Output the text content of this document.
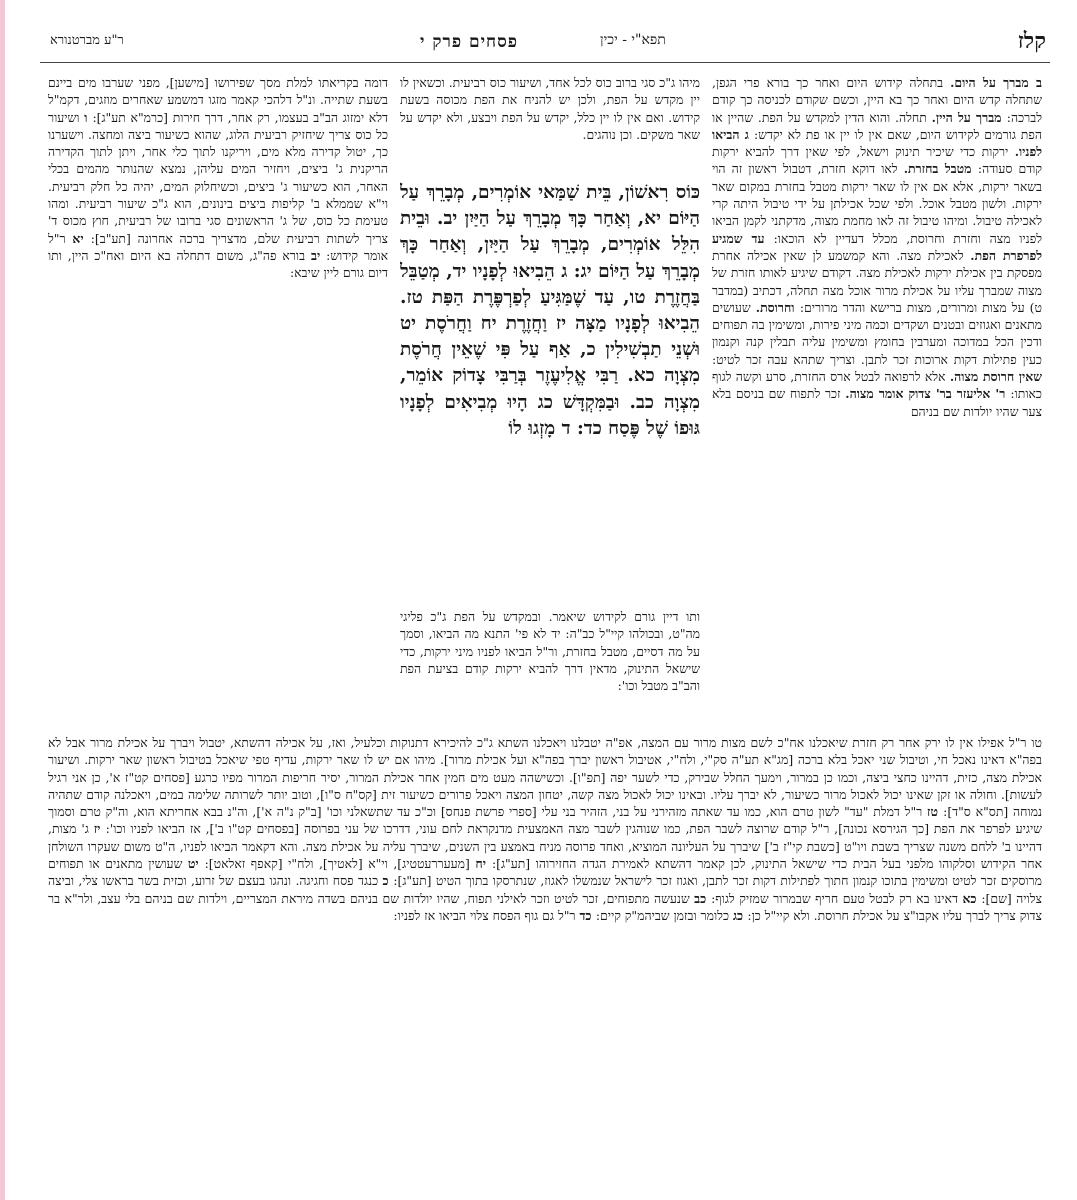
קלז
תפא"י - יכין
פסחים פרק י
ר"ע מברטנורא

ב מברך על היום. בתחלה קידוש היום ואחר כך בורא פרי הגפן, שתחלה קדש היום ואחר כך בא היין, וכשם שקודם לכניסה כך קודם לברכה: מברך על היין. תחלה. והוא הדין למקדש על הפת. שהיין או הפת גורמים לקידוש היום, שאם אין לו יין או פת לא יקדש: ג הביאו לפניו. ירקות כדי שיכיר תינוק וישאל, לפי שאין דרך להביא ירקות קודם סעודה: מטבל בחזרת. לאו דוקא חזרת, דטבול ראשון זה הוי בשאר ירקות, אלא אם אין לו שאר ירקות מטבל בחזרת במקום שאר ירקות. ולשון מטבל אוכל. ולפי שכל אכילתן על ידי טיבול היתה קרי לאכילה טיבול. ומיהו טיבול זה לאו מחמת מצוה, מדקתני לקמן הביאו לפניו מצה וחזרת וחרוסת, מכלל דעדיין לא הוכאו: עד שמגיע לפרפרת הפת. לאכילת מצה. והא קמשמע לן שאין אכילה אחרת מפסקת בין אכילת ירקות לאכילת מצה. דקודם שיגיע לאותו חזרת של מצוה שמברך עליו על אכילת מרור אוכל מצה תחלה, דכתיב (במדבר ט) על מצות ומרורים, מצות ברישא והדר מרורים: וחרוסת. שעושים מתאנים ואגוזים ובטנים ושקדים וכמה מיני פירות, ומשימין בה תפוחים ודכין הכל במדוכה ומערבין בחומץ ומשימין עליה תבלין קנה וקנמון כעין פתילות דקות ארוכות זכר לתבן. וצריך שתהא עבה זכר לטיט: שאין חרוסת מצוה. אלא לרפואה לבטל ארס החזרת, סרע וקשה לגוף כאותו: ר' אליעזר בר' צדוק אומר מצוה. זכר לתפוח שם בניסם בלא צער שהיו יולדות שם בניהם

מיהו ג"כ סגי ברוב כוס לכל אחד, ושיעור כוס רביעית. וכשאין לו יין מקדש על הפת, ולכן יש להניח את הפת מכוסה בשעת קידוש. ואם אין לו יין כלל, יקדש על הפת ויבצע, ולא יקדש על שאר משקים. וכן נוהגים.

כּוֹס רִאשׁוֹן, בֵּית שַׁמַּאי אוֹמְרִים, מְבָרֵךְ עַל הַיּוֹם יא, וְאַחַר כָּךְ מְבָרֵךְ עַל הַיַּיִן יב. וּבֵית הִלֵּל אוֹמְרִים, מְבָרֵךְ עַל הַיַּיִן, וְאַחַר כָּךְ מְבָרֵךְ עַל הַיּוֹם יג: ג הֵבִיאוּ לְפָנָיו יד, מְטַבֵּל בַּחֲזֶרֶת טו, עַד שֶׁמַּגִּיעַ לְפַרְפֶּרֶת הַפַּת טז. הֵבִיאוּ לְפָנָיו מַצָּה יז וַחֲזֶרֶת יח וַחֲרֹסֶת יט וּשְׁנֵי תַבְשִׁילִין כ, אַף עַל פִּי שֶׁאֵין חֲרֹסֶת מִצְוָה כא. רַבִּי אֱלִיעֶזֶר בְּרַבִּי צָדוֹק אוֹמֵר, מִצְוָה כב. וּבַמִּקְדָּשׁ כג הָיוּ מְבִיאִים לְפָנָיו גּוּפוֹ שֶׁל פֶּסַח כד: ד מָזְגוּ לוֹ

ותו דיין גורם לקידוש שיאמר. ובמקדש על הפת ג"כ פליגי מה"ט, ובכולהו קיי"ל כב"ה: יד לא פי' התנא מה הביאו, וסמך על מה דסיים, מטבל בחזרת, ור"ל הביאו לפניו מיני ירקות, כדי שישאל התינוק, מדאין דרך להביא ירקות קודם בציעת הפת והב"ב מטבל וכו':

דומה בקריאתו למלת מסך שפירושו [מישען], מפני שערבו מים ביינם בשעת שתייה. ונ"ל דלהכי קאמר מזגו דמשמע שאחרים מוזגים, דקמ"ל דלא ימזוג הב"ב בעצמו, רק אחר, דרך חירות [כרמ"א תע"ג]: ו ושיעור כל כוס צריך שיחזיק רביעית הלוג, שהוא כשיעור ביצה ומחצה. וישערנו כך, יטול קדירה מלא מים, ויריקנו לתוך כלי אחר, ויתן לתוך הקדירה הריקנית ג' ביצים, ויחזיר המים עליהן, נמצא שהנותר מהמים בכלי האחר, הוא כשיעור ג' ביצים, וכשיחלוק המים, יהיה כל חלק רביעית. וי"א שממלא ב' קליפות ביצים בינונים, הוא ג"כ שיעור רביעית. ומהו טעימת כל כוס, של ג' הראשונים סגי ברובו של רביעית, חוץ מכוס ד' צריך לשתות רביעית שלם, מדצריך ברכה אחרונה [תע"ב]: יא ר"ל אומר קידוש: יב בורא פה"ג, משום דתחלה בא היום ואח"כ היין, ותו דיום גורם ליין שיבא:

טו ר"ל אפילו אין לו ירק אחר רק חזרת שיאכלנו אח"כ לשם מצות מרור עם המצה, אפ"ה יטבלנו ויאכלנו השתא ג"כ להיכירא דתנוקות וכלעיל, ואז, על אכילה דהשתא, יטבול ויברך על אכילת מרור אבל לא בפה"א דאינו נאכל חי, וטיבול שני יאכל בלא ברכה [מג"א תע"ה סק"י, ולח"י, אטיבול ראשון יברך בפה"א ועל אכילת מרור]. מיהו אם יש לו שאר ירקות, עדיף טפי שיאכל בטיבול ראשון שאר ירקות. ושיעור אכילת מצה, כזית, דהיינו כחצי ביצה, וכמו כן במרור, וימעך החלל שבירק, כדי לשער יפה [תפ"ו]. וכשישהה מעט מים חמין אחר אכילת המרור, יסיר חריפות המרור מפיו כרגע [פסחים קט"ז א', כן אני רגיל לעשות]. וחולה או זקן שאינו יכול לאכול מרור כשיעור, לא יברך עליו. ובאינו יכול לאכול מצה קשה, יטחון המצה ויאכל פרורים כשיעור זית [קס"ח ס"ו], וטוב יותר לשרותה שלימה במים, ויאכלנה קודם שתהיה נמוחה [תס"א ס"ד]: טז ר"ל דמלת "עד" לשון טרם הוא, כמו עד שאתה מזהירני על בני, הזהיר בני עלי [ספרי פרשת פנחס] וכ"כ עד שתשאלני וכו' [ב"ק נ"ה א'], וה"נ בבא אחריתא הוא, וה"ק טרם וסמוך שיגיע לפרפר את הפת [כך הגירסא נכונה], ר"ל קודם שרוצה לשבר הפת, כמו שנוהגין לשבר מצה האמצעית מדנקראת לחם עוני, דדרכו של עני בפרוסה [בפסחים קט"ו ב'], אז הביאו לפניו וכו': יז ג' מצות, דהיינו ב' ללחם משנה שצריך בשבת ויו"ט [כשבת קי"ז ב'] שיברך על העליונה המוציא, ואחד פרוסה מניח באמצע בין השנים, שיברך עליה על אכילת מצה. והא דקאמר הביאו לפניו, ה"ט משום שעקרו השולחן אחר הקידוש וסלקוהו מלפני בעל הבית כדי שישאל התינוק, לכן קאמר דהשתא לאמירת הגדה החזירוהו [תע"ג]: יח [מעעררעטטיג], וי"א [לאטיך], ולח"י [קאפף זאלאט]: יט שעושין מתאנים או תפוחים מרוסקים זכר לטיט ומשימין בתוכו קנמון חתוך לפתילות דקות זכר לתבן, ואגוז זכר לישראל שנמשלו לאגוז, שנתרסקו בתוך הטיט [תע"ג]: כ כנגד פסח וחגיגה. ונהגו בעצם של זרוע, וכזית בשר בראשו צלי, וביצה צלויה [שם]: כא דאינו בא רק לבטל טעם חריף שבמרור שמזיק לגוף: כב שנעשה מתפוחים, זכר לטיט וזכר לאילני תפוח, שהיו יולדות שם בניהם בשדה מיראת המצריים, וילדות שם בניהם בלי עצב, ולר"א בר צדוק צריך לברך עליו אקבו"צ על אכילת חרוסת. ולא קיי"ל כן: כג כלומר ובזמן שביהמ"ק קיים: כד ר"ל גם גוף הפסח צלוי הביאו אז לפניו:
